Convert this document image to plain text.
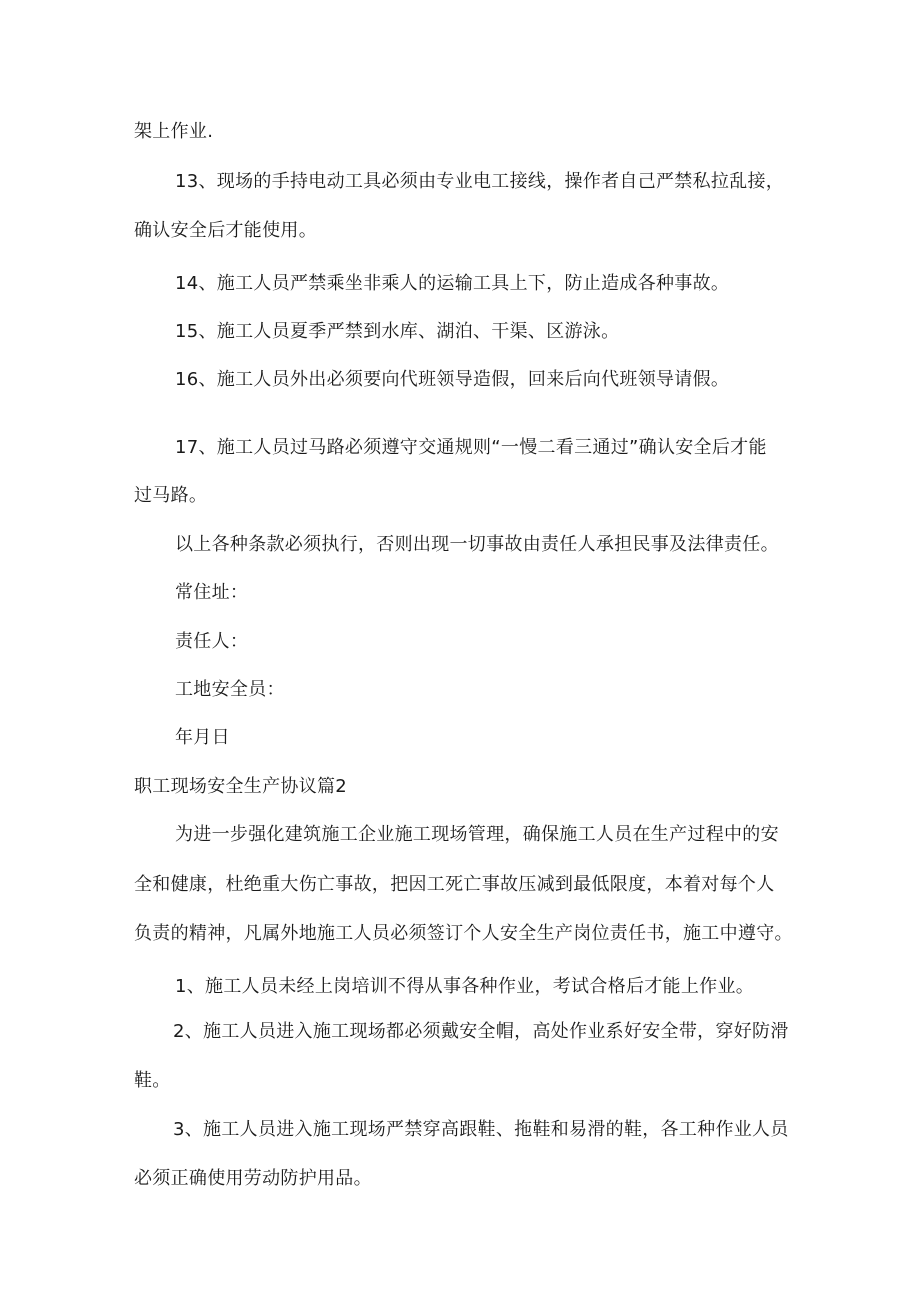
架上作业.

13、现场的手持电动工具必须由专业电工接线，操作者自己严禁私拉乱接，

确认安全后才能使用。

14、施工人员严禁乘坐非乘人的运输工具上下，防止造成各种事故。

15、施工人员夏季严禁到水库、湖泊、干渠、区游泳。

16、施工人员外出必须要向代班领导造假，回来后向代班领导请假。

17、施工人员过马路必须遵守交通规则“一慢二看三通过”确认安全后才能

过马路。

以上各种条款必须执行，否则出现一切事故由责任人承担民事及法律责任。

常住址：

责任人：

工地安全员：

年月日

职工现场安全生产协议篇2

为进一步强化建筑施工企业施工现场管理，确保施工人员在生产过程中的安

全和健康，杜绝重大伤亡事故，把因工死亡事故压减到最低限度，本着对每个人

负责的精神，凡属外地施工人员必须签订个人安全生产岗位责任书，施工中遵守。

1、施工人员未经上岗培训不得从事各种作业，考试合格后才能上作业。

2、施工人员进入施工现场都必须戴安全帽，高处作业系好安全带，穿好防滑

鞋。

3、施工人员进入施工现场严禁穿高跟鞋、拖鞋和易滑的鞋，各工种作业人员

必须正确使用劳动防护用品。
